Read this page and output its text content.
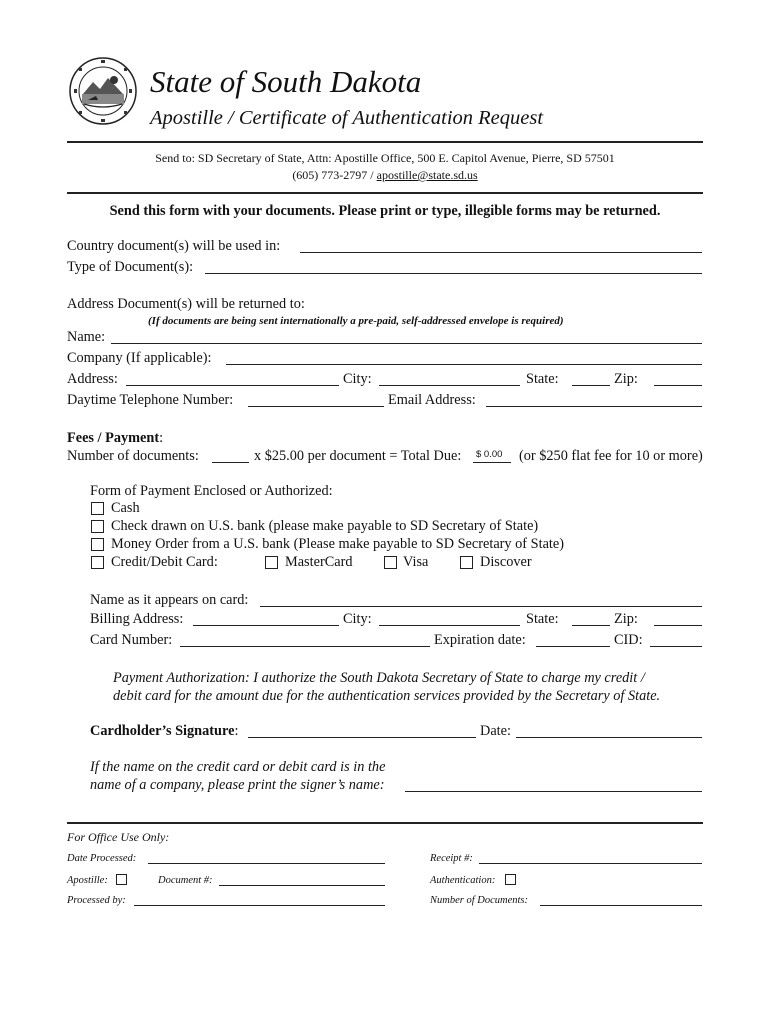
State of South Dakota
Apostille / Certificate of Authentication Request
Send to: SD Secretary of State, Attn: Apostille Office, 500 E. Capitol Avenue, Pierre, SD 57501
(605) 773-2797 / apostille@state.sd.us
Send this form with your documents. Please print or type, illegible forms may be returned.
Country document(s) will be used in:
Type of Document(s):
Address Document(s) will be returned to:
(If documents are being sent internationally a pre-paid, self-addressed envelope is required)
Name:
Company (If applicable):
Address:	City:	State:	Zip:
Daytime Telephone Number:	Email Address:
Fees / Payment:
Number of documents:	x $25.00 per document = Total Due: $ 0.00 (or $250 flat fee for 10 or more)
Form of Payment Enclosed or Authorized:
Cash
Check drawn on U.S. bank (please make payable to SD Secretary of State)
Money Order from a U.S. bank (Please make payable to SD Secretary of State)
Credit/Debit Card:	MasterCard	Visa	Discover
Name as it appears on card:
Billing Address:	City:	State:	Zip:
Card Number:	Expiration date:	CID:
Payment Authorization: I authorize the South Dakota Secretary of State to charge my credit /
debit card for the amount due for the authentication services provided by the Secretary of State.
Cardholder’s Signature:	Date:
If the name on the credit card or debit card is in the
name of a company, please print the signer’s name:
For Office Use Only:
Date Processed:	Receipt #:
Apostille:	Document #:	Authentication:
Processed by:	Number of Documents:
